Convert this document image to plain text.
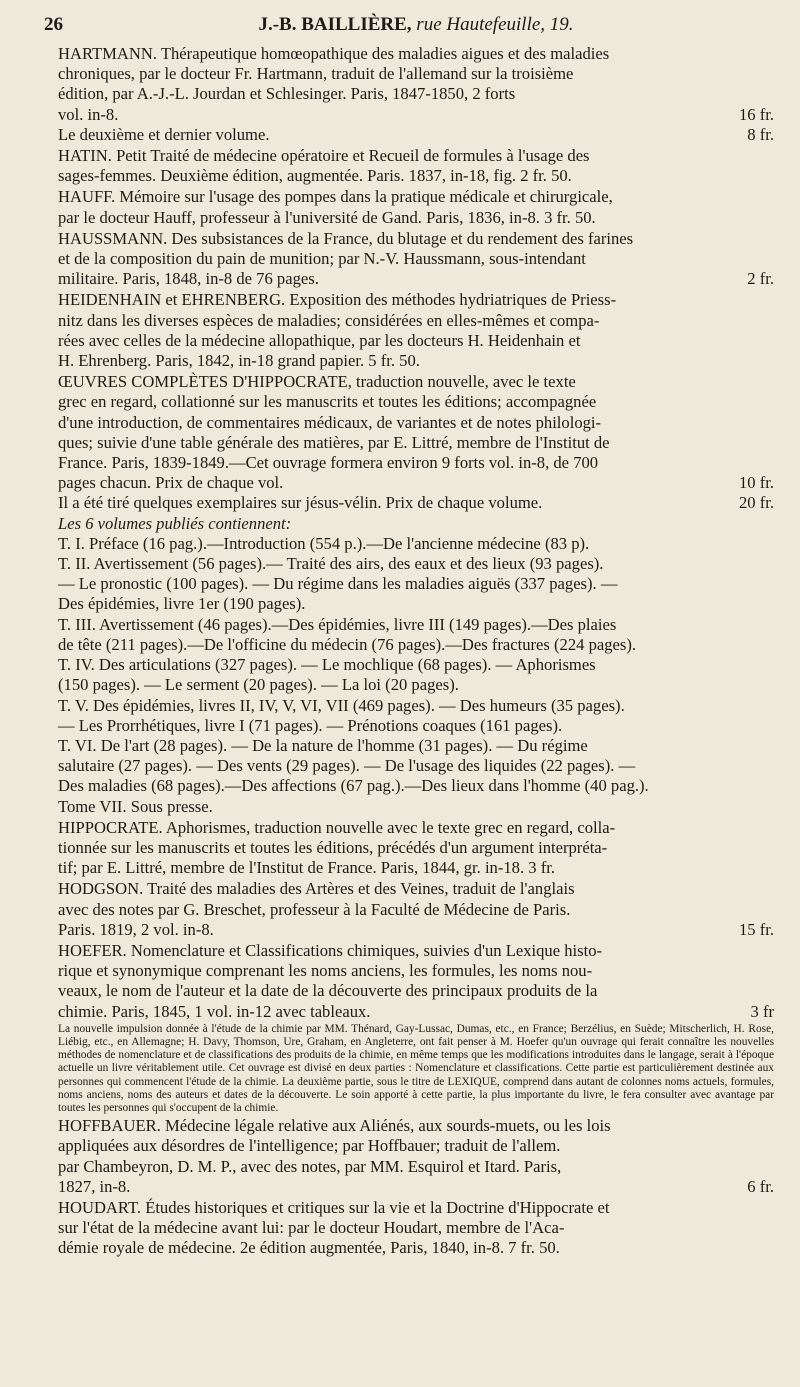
26	J.-B. BAILLIÈRE, rue Hautefeuille, 19.
HARTMANN. Thérapeutique homœopathique des maladies aigues et des maladies
chroniques, par le docteur Fr. Hartmann, traduit de l'allemand sur la troisième
édition, par A.-J.-L. Jourdan et Schlesinger. Paris, 1847-1850, 2 forts
vol. in-8.	16 fr.
Le deuxième et dernier volume.	8 fr.
HATIN. Petit Traité de médecine opératoire et Recueil de formules à l'usage des
sages-femmes. Deuxième édition, augmentée. Paris. 1837, in-18, fig. 2 fr. 50.
HAUFF. Mémoire sur l'usage des pompes dans la pratique médicale et chirurgicale,
par le docteur Hauff, professeur à l'université de Gand. Paris, 1836, in-8. 3 fr. 50.
HAUSSMANN. Des subsistances de la France, du blutage et du rendement des farines
et de la composition du pain de munition; par N.-V. Haussmann, sous-intendant
militaire. Paris, 1848, in-8 de 76 pages.	2 fr.
HEIDENHAIN et EHRENBERG. Exposition des méthodes hydriatriques de Priess-
nitz dans les diverses espèces de maladies; considérées en elles-mêmes et compa-
rées avec celles de la médecine allopathique, par les docteurs H. Heidenhain et
H. Ehrenberg. Paris, 1842, in-18 grand papier. 5 fr. 50.
ŒUVRES COMPLÈTES D'HIPPOCRATE, traduction nouvelle, avec le texte
grec en regard, collationné sur les manuscrits et toutes les éditions; accompagnée
d'une introduction, de commentaires médicaux, de variantes et de notes philologi-
ques; suivie d'une table générale des matières, par E. Littré, membre de l'Institut de
France. Paris, 1839-1849.—Cet ouvrage formera environ 9 forts vol. in-8, de 700
pages chacun. Prix de chaque vol.	10 fr.
Il a été tiré quelques exemplaires sur jésus-vélin. Prix de chaque volume.	20 fr.
Les 6 volumes publiés contiennent:
T. I. Préface (16 pag.).—Introduction (554 p.).—De l'ancienne médecine (83 p).
T. II. Avertissement (56 pages).— Traité des airs, des eaux et des lieux (93 pages).
— Le pronostic (100 pages). — Du régime dans les maladies aiguës (337 pages). —
Des épidémies, livre 1er (190 pages).
T. III. Avertissement (46 pages).—Des épidémies, livre III (149 pages).—Des plaies
de tête (211 pages).—De l'officine du médecin (76 pages).—Des fractures (224 pages).
T. IV. Des articulations (327 pages). — Le mochlique (68 pages). — Aphorismes
(150 pages). — Le serment (20 pages). — La loi (20 pages).
T. V. Des épidémies, livres II, IV, V, VI, VII (469 pages). — Des humeurs (35 pages).
— Les Prorrhétiques, livre I (71 pages). — Prénotions coaques (161 pages).
T. VI. De l'art (28 pages). — De la nature de l'homme (31 pages). — Du régime
salutaire (27 pages). — Des vents (29 pages). — De l'usage des liquides (22 pages). —
Des maladies (68 pages).—Des affections (67 pag.).—Des lieux dans l'homme (40 pag.).
Tome VII. Sous presse.
HIPPOCRATE. Aphorismes, traduction nouvelle avec le texte grec en regard, colla-
tionnée sur les manuscrits et toutes les éditions, précédés d'un argument interpréta-
tif; par E. Littré, membre de l'Institut de France. Paris, 1844, gr. in-18. 3 fr.
HODGSON. Traité des maladies des Artères et des Veines, traduit de l'anglais
avec des notes par G. Breschet, professeur à la Faculté de Médecine de Paris.
Paris. 1819, 2 vol. in-8.	15 fr.
HOEFER. Nomenclature et Classifications chimiques, suivies d'un Lexique histo-
rique et synonymique comprenant les noms anciens, les formules, les noms nou-
veaux, le nom de l'auteur et la date de la découverte des principaux produits de la
chimie. Paris, 1845, 1 vol. in-12 avec tableaux.	3 fr
La nouvelle impulsion donnée à l'étude de la chimie par MM. Thénard, Gay-Lussac, Dumas, etc., en France; Berzélius, en Suède; Mitscherlich, H. Rose, Liébig, etc., en Allemagne; H. Davy, Thomson, Ure, Graham, en Angleterre, ont fait penser à M. Hoefer qu'un ouvrage qui ferait connaître les nouvelles méthodes de nomenclature et de classifications des produits de la chimie, en même temps que les modifications introduites dans le langage, serait à l'époque actuelle un livre véritablement utile. Cet ouvrage est divisé en deux parties : Nomenclature et classifications. Cette partie est particulièrement destinée aux personnes qui commencent l'étude de la chimie. La deuxième partie, sous le titre de LEXIQUE, comprend dans autant de colonnes noms actuels, formules, noms anciens, noms des auteurs et dates de la découverte. Le soin apporté à cette partie, la plus importante du livre, le fera consulter avec avantage par toutes les personnes qui s'occupent de la chimie.
HOFFBAUER. Médecine légale relative aux Aliénés, aux sourds-muets, ou les lois
appliquées aux désordres de l'intelligence; par Hoffbauer; traduit de l'allem.
par Chambeyron, D. M. P., avec des notes, par MM. Esquirol et Itard. Paris,
1827, in-8.	6 fr.
HOUDART. Études historiques et critiques sur la vie et la Doctrine d'Hippocrate et
sur l'état de la médecine avant lui: par le docteur Houdart, membre de l'Aca-
démie royale de médecine. 2e édition augmentée, Paris, 1840, in-8. 7 fr. 50.
